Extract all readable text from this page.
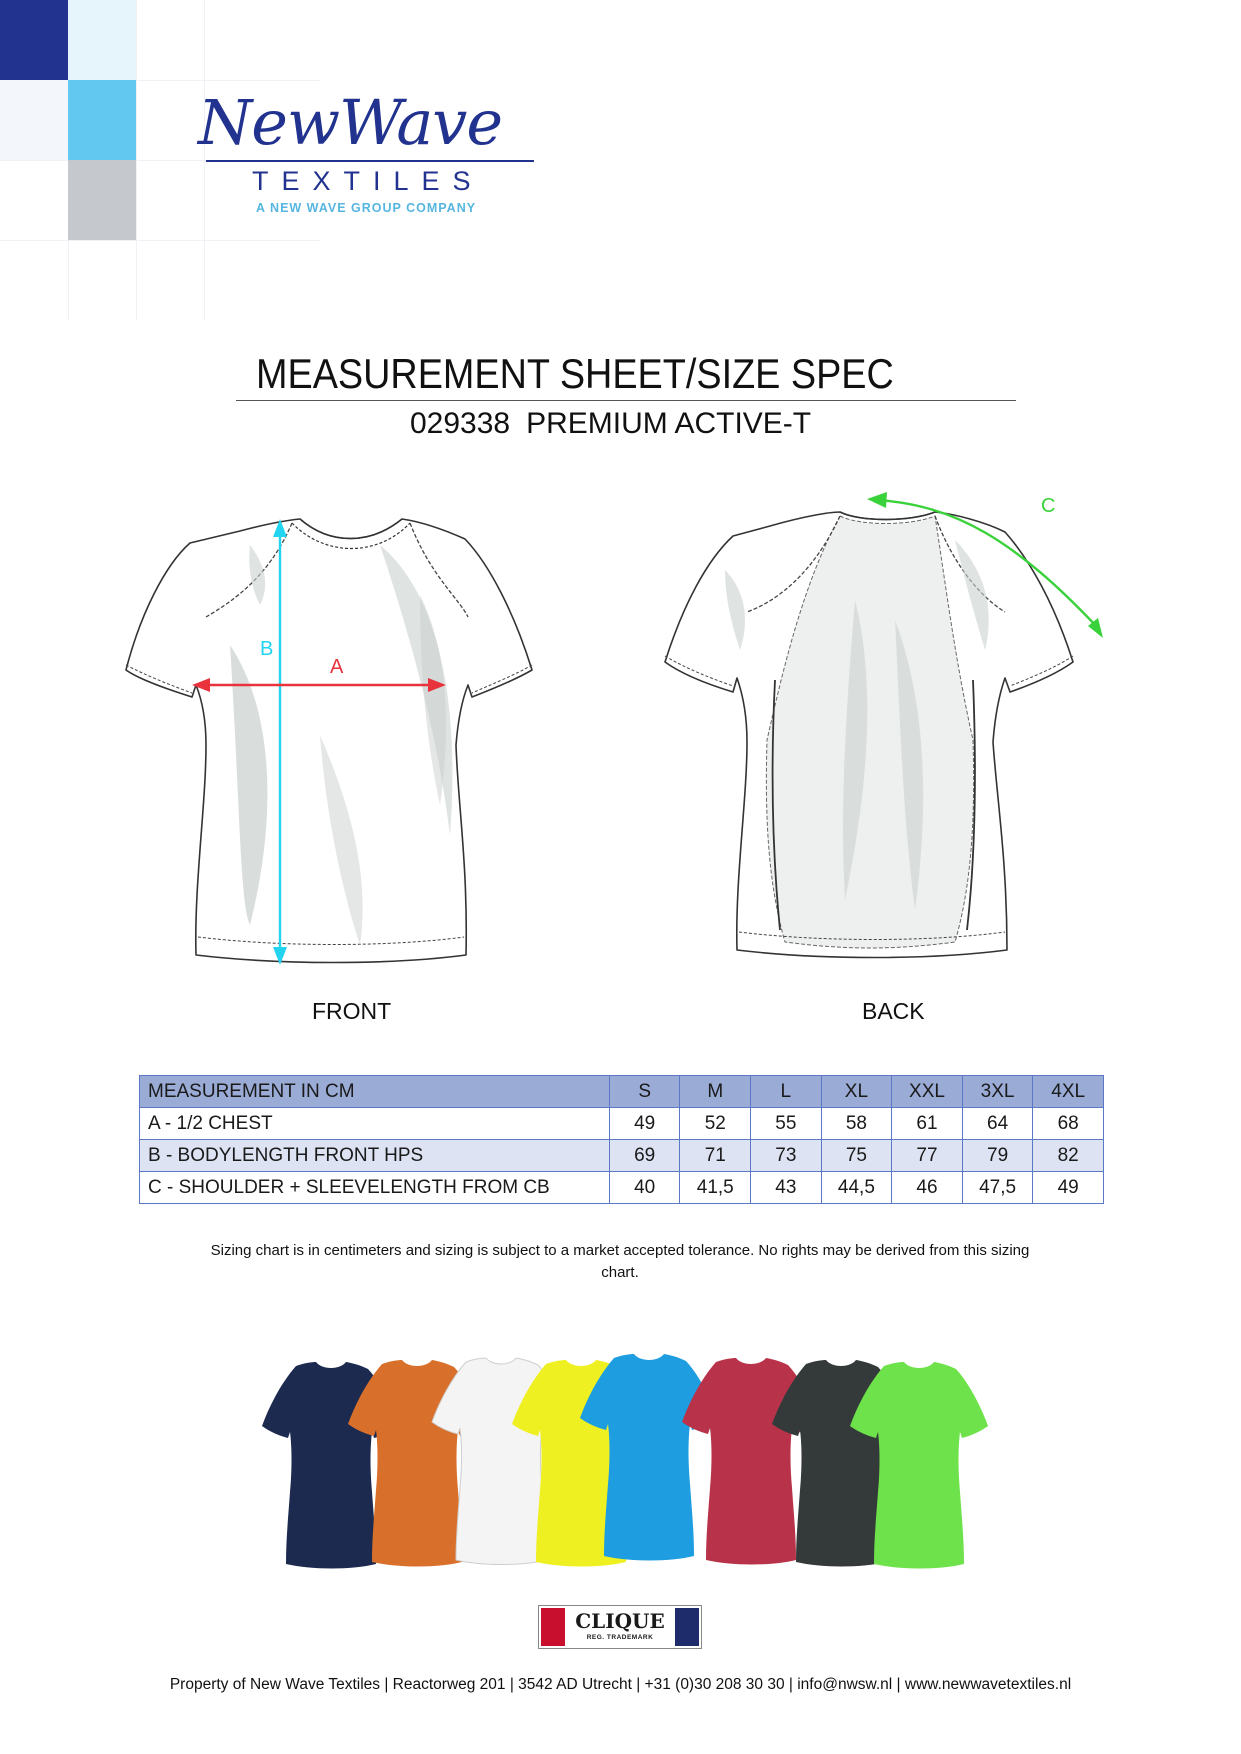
NewWave
TEXTILES
A NEW WAVE GROUP COMPANY
MEASUREMENT SHEET/SIZE SPEC
029338 PREMIUM ACTIVE-T
B
A
C
FRONT	BACK
MEASUREMENT IN CM	S	M	L	XL	XXL	3XL	4XL
A - 1/2 CHEST	49	52	55	58	61	64	68
B - BODYLENGTH FRONT HPS	69	71	73	75	77	79	82
C - SHOULDER + SLEEVELENGTH FROM CB	40	41,5	43	44,5	46	47,5	49
Sizing chart is in centimeters and sizing is subject to a market accepted tolerance. No rights may be derived from this sizing chart.
CLIQUE
REG. TRADEMARK
Property of New Wave Textiles | Reactorweg 201 | 3542 AD Utrecht | +31 (0)30 208 30 30 | info@nwsw.nl | www.newwavetextiles.nl
